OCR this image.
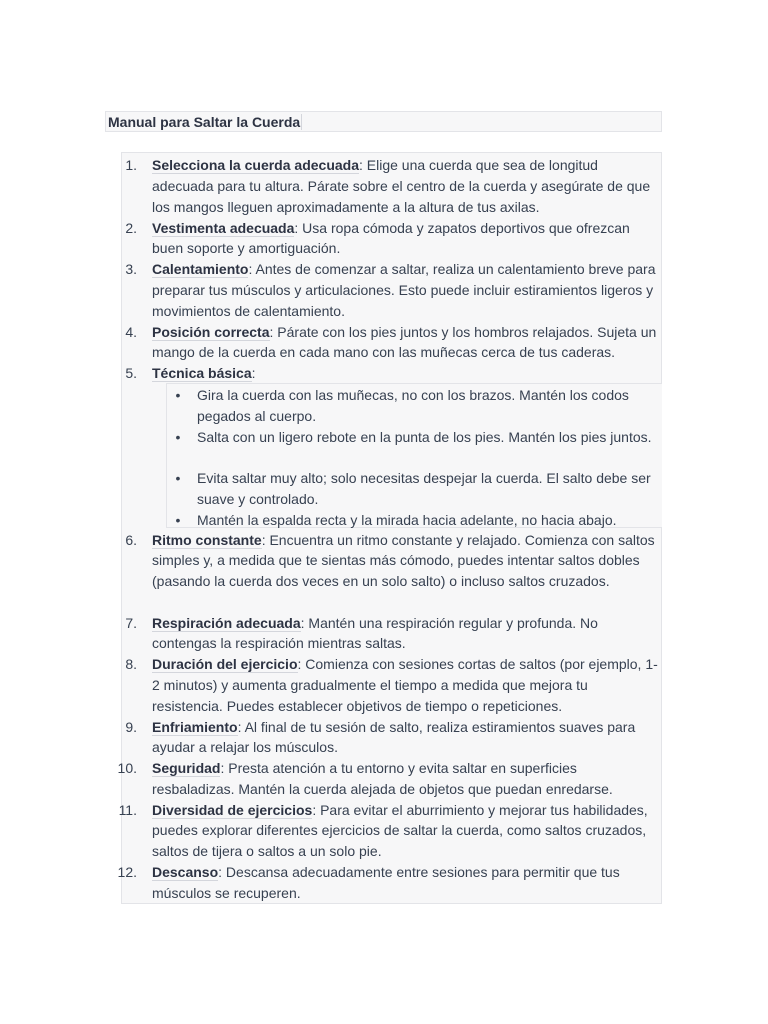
Manual para Saltar la Cuerda
1. Selecciona la cuerda adecuada: Elige una cuerda que sea de longitud adecuada para tu altura. Párate sobre el centro de la cuerda y asegúrate de que los mangos lleguen aproximadamente a la altura de tus axilas.
2. Vestimenta adecuada: Usa ropa cómoda y zapatos deportivos que ofrezcan buen soporte y amortiguación.
3. Calentamiento: Antes de comenzar a saltar, realiza un calentamiento breve para preparar tus músculos y articulaciones. Esto puede incluir estiramientos ligeros y movimientos de calentamiento.
4. Posición correcta: Párate con los pies juntos y los hombros relajados. Sujeta un mango de la cuerda en cada mano con las muñecas cerca de tus caderas.
5. Técnica básica:
6. Ritmo constante: Encuentra un ritmo constante y relajado. Comienza con saltos simples y, a medida que te sientas más cómodo, puedes intentar saltos dobles (pasando la cuerda dos veces en un solo salto) o incluso saltos cruzados.
7. Respiración adecuada: Mantén una respiración regular y profunda. No contengas la respiración mientras saltas.
8. Duración del ejercicio: Comienza con sesiones cortas de saltos (por ejemplo, 1-2 minutos) y aumenta gradualmente el tiempo a medida que mejora tu resistencia. Puedes establecer objetivos de tiempo o repeticiones.
9. Enfriamiento: Al final de tu sesión de salto, realiza estiramientos suaves para ayudar a relajar los músculos.
10. Seguridad: Presta atención a tu entorno y evita saltar en superficies resbaladizas. Mantén la cuerda alejada de objetos que puedan enredarse.
11. Diversidad de ejercicios: Para evitar el aburrimiento y mejorar tus habilidades, puedes explorar diferentes ejercicios de saltar la cuerda, como saltos cruzados, saltos de tijera o saltos a un solo pie.
12. Descanso: Descansa adecuadamente entre sesiones para permitir que tus músculos se recuperen.
• Gira la cuerda con las muñecas, no con los brazos. Mantén los codos pegados al cuerpo.
• Salta con un ligero rebote en la punta de los pies. Mantén los pies juntos.
• Evita saltar muy alto; solo necesitas despejar la cuerda. El salto debe ser suave y controlado.
• Mantén la espalda recta y la mirada hacia adelante, no hacia abajo.
